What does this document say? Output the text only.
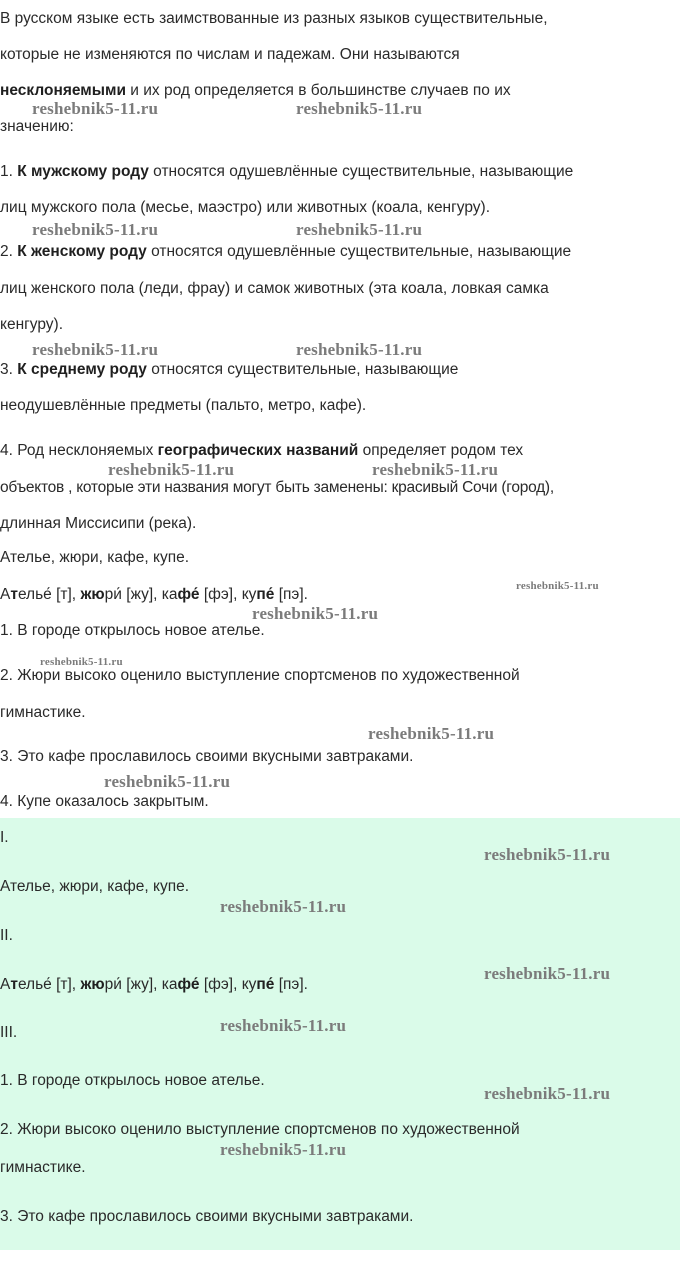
В русском языке есть заимствованные из разных языков существительные,
которые не изменяются по числам и падежам. Они называются
несклоняемыми и их род определяется в большинстве случаев по их
значению:
1. К мужскому роду относятся одушевлённые существительные, называющие
лиц мужского пола (месье, маэстро) или животных (коала, кенгуру).
2. К женскому роду относятся одушевлённые существительные, называющие
лиц женского пола (леди, фрау) и самок животных (эта коала, ловкая самка
кенгуру).
3. К среднему роду относятся существительные, называющие
неодушевлённые предметы (пальто, метро, кафе).
4. Род несклоняемых географических названий определяет родом тех
объектов , которые эти названия могут быть заменены: красивый Сочи (город),
длинная Миссисипи (река).
Ателье, жюри, кафе, купе.
Ателье́ [т], жюри́ [жу], кафе́ [фэ], купе́ [пэ].
1. В городе открылось новое ателье.
2. Жюри высоко оценило выступление спортсменов по художественной
гимнастике.
3. Это кафе прославилось своими вкусными завтраками.
4. Купе оказалось закрытым.
I.
Ателье, жюри, кафе, купе.
II.
Ателье́ [т], жюри́ [жу], кафе́ [фэ], купе́ [пэ].
III.
1. В городе открылось новое ателье.
2. Жюри высоко оценило выступление спортсменов по художественной
гимнастике.
3. Это кафе прославилось своими вкусными завтраками.
reshebnik5-11.ru	reshebnik5-11.ru
reshebnik5-11.ru	reshebnik5-11.ru
reshebnik5-11.ru	reshebnik5-11.ru
reshebnik5-11.ru	reshebnik5-11.ru
reshebnik5-11.ru
reshebnik5-11.ru
reshebnik5-11.ru
reshebnik5-11.ru
reshebnik5-11.ru
reshebnik5-11.ru
reshebnik5-11.ru
reshebnik5-11.ru
reshebnik5-11.ru
reshebnik5-11.ru
reshebnik5-11.ru
